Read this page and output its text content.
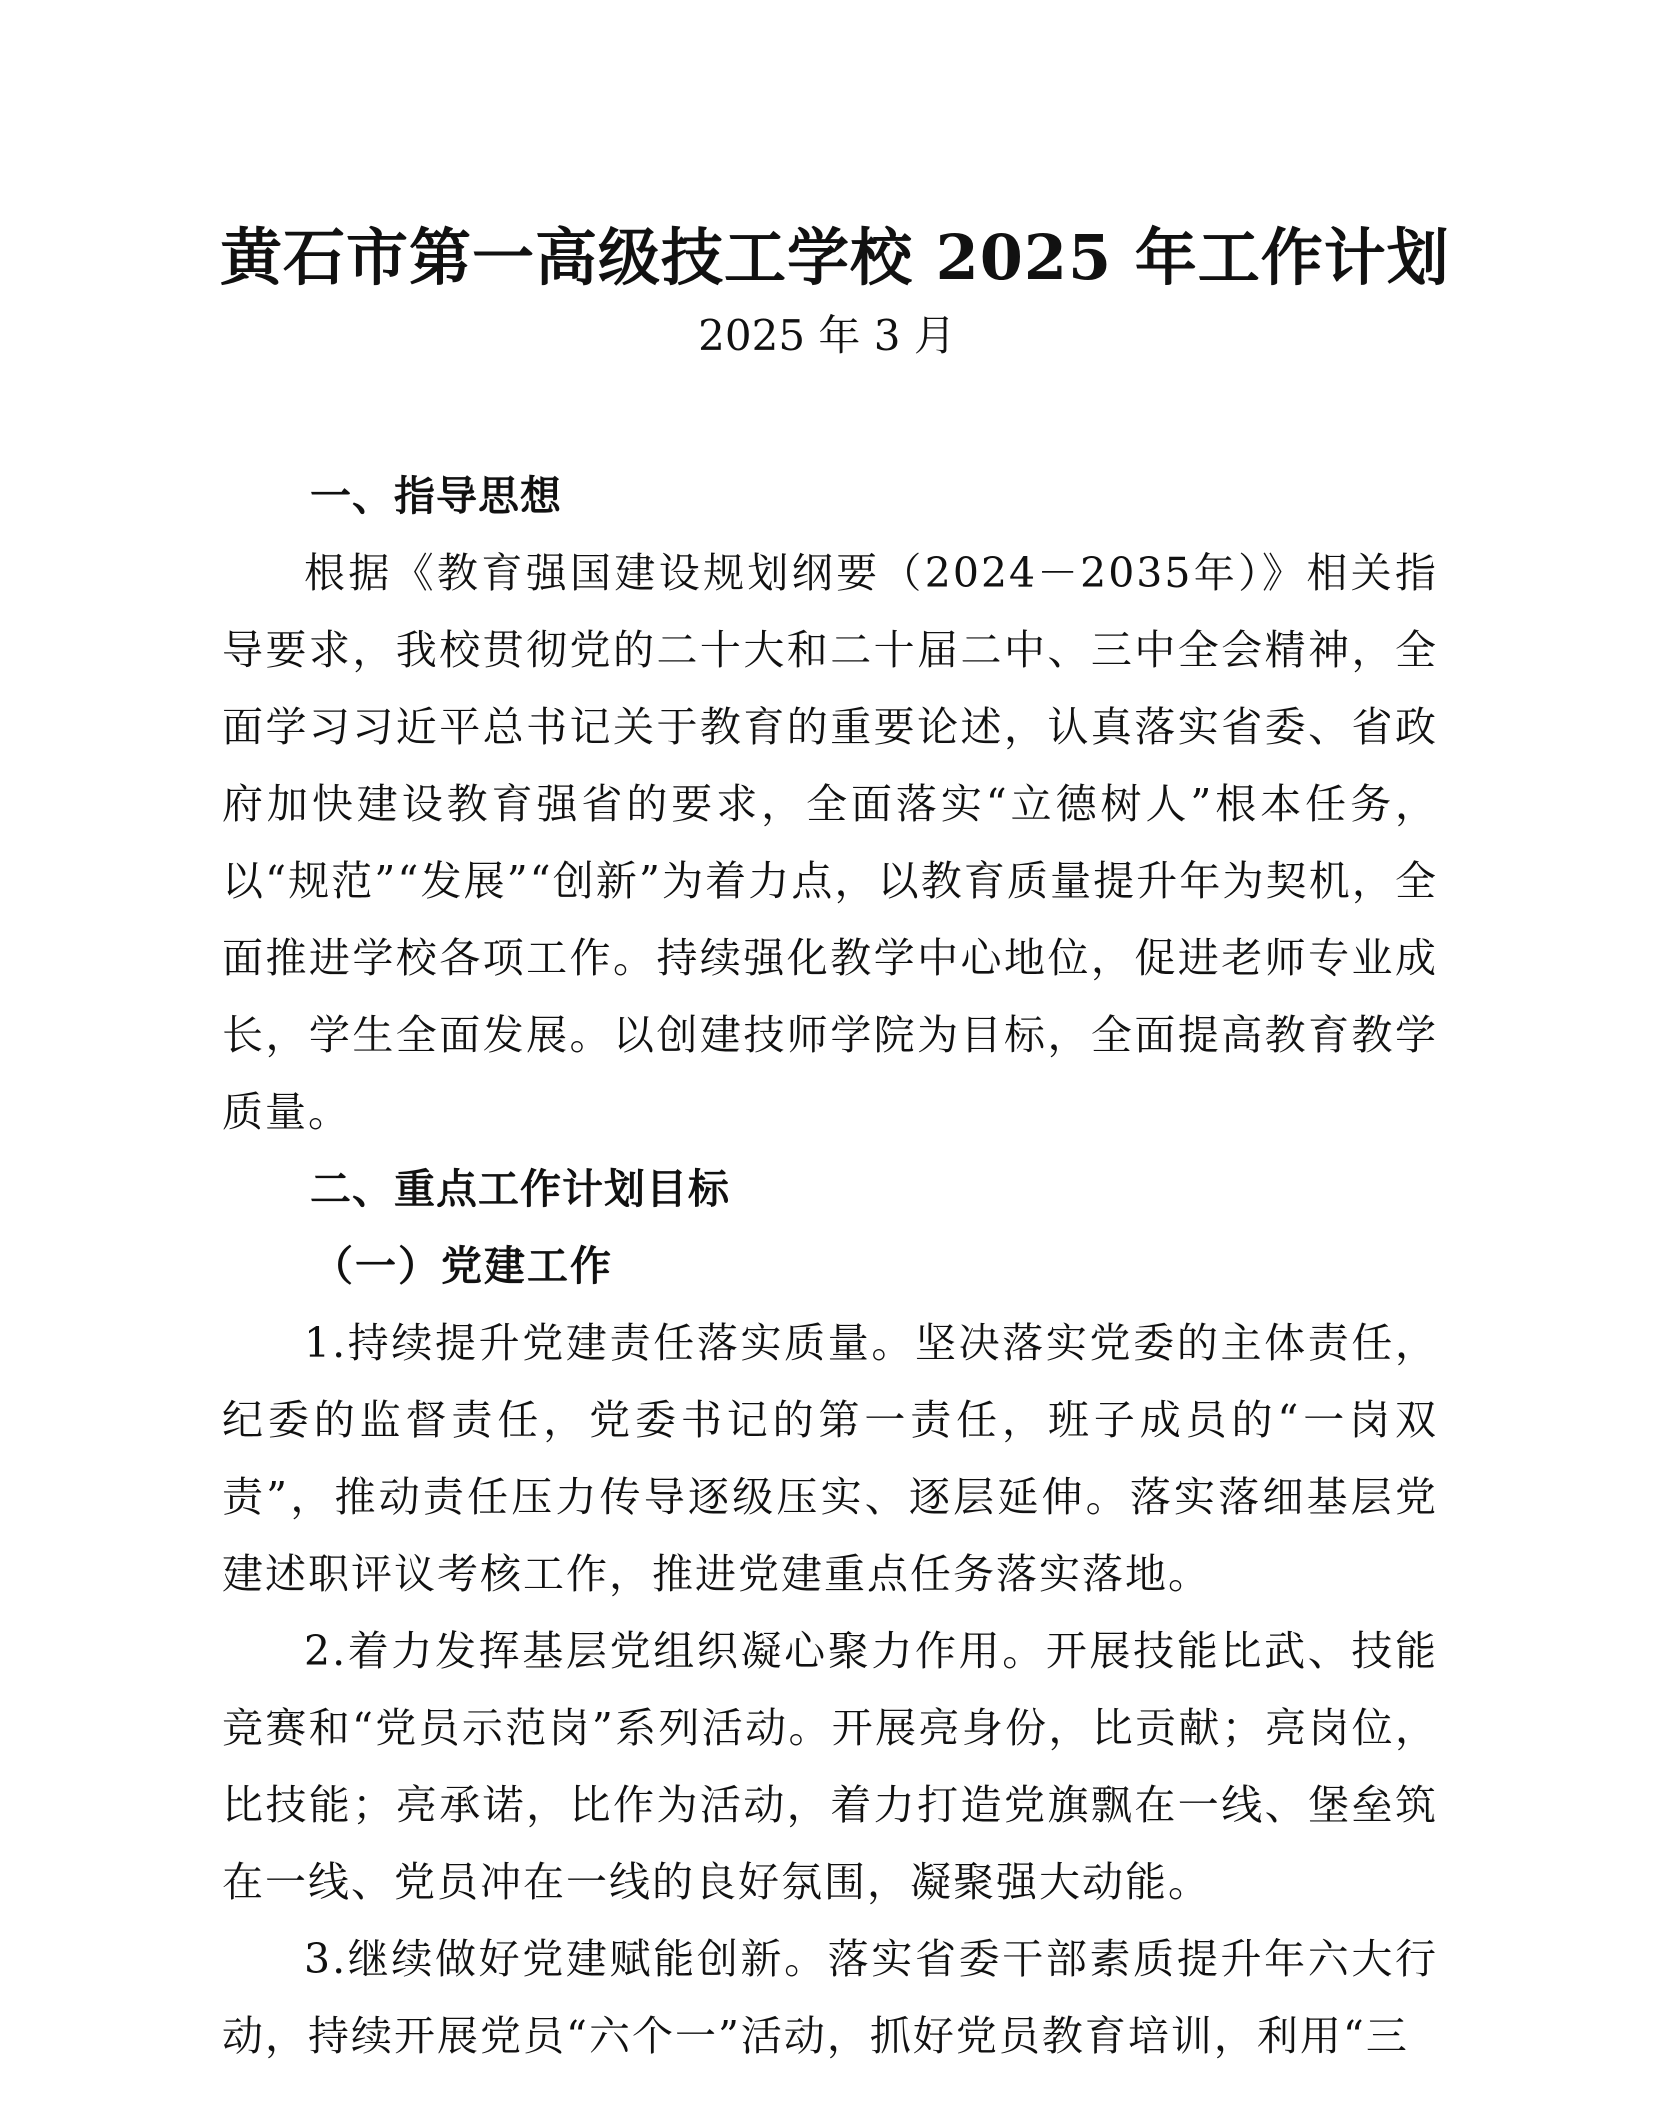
黄石市第一高级技工学校 2025 年工作计划
2025 年 3 月

一、指导思想

根据《教育强国建设规划纲要（2024－2035年）》相关指导要求，我校贯彻党的二十大和二十届二中、三中全会精神，全面学习习近平总书记关于教育的重要论述，认真落实省委、省政府加快建设教育强省的要求，全面落实“立德树人”根本任务，以“规范”“发展”“创新”为着力点，以教育质量提升年为契机，全面推进学校各项工作。持续强化教学中心地位，促进老师专业成长，学生全面发展。以创建技师学院为目标，全面提高教育教学质量。

二、重点工作计划目标

（一）党建工作

1.持续提升党建责任落实质量。坚决落实党委的主体责任，纪委的监督责任，党委书记的第一责任，班子成员的“一岗双责”，推动责任压力传导逐级压实、逐层延伸。落实落细基层党建述职评议考核工作，推进党建重点任务落实落地。

2.着力发挥基层党组织凝心聚力作用。开展技能比武、技能竞赛和“党员示范岗”系列活动。开展亮身份，比贡献；亮岗位，比技能；亮承诺，比作为活动，着力打造党旗飘在一线、堡垒筑在一线、党员冲在一线的良好氛围，凝聚强大动能。

3.继续做好党建赋能创新。落实省委干部素质提升年六大行动，持续开展党员“六个一”活动，抓好党员教育培训，利用“三
